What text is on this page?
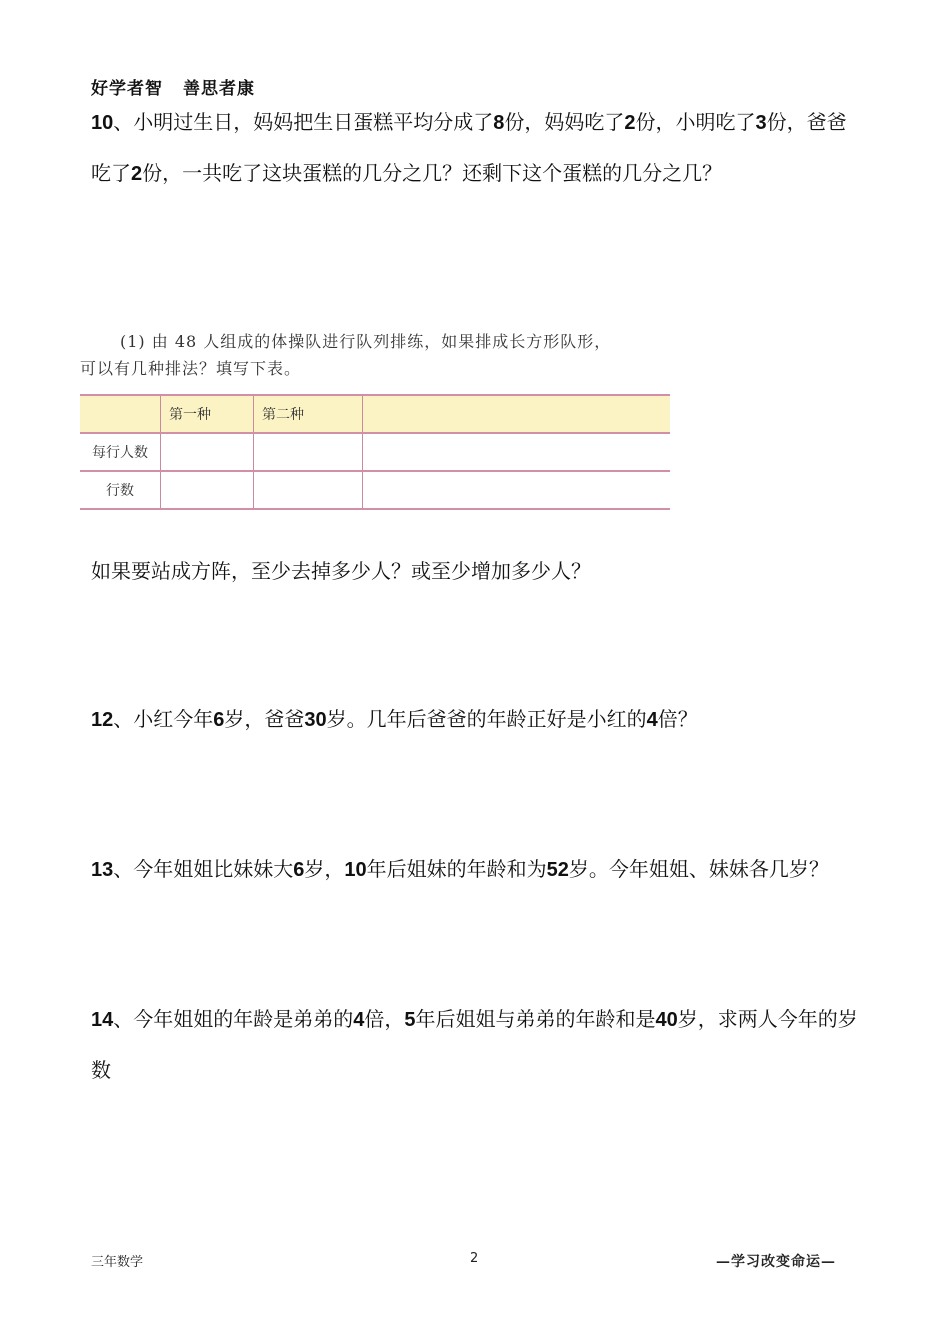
好学者智 善思者康
10、小明过生日，妈妈把生日蛋糕平均分成了8份，妈妈吃了2份，小明吃了3份，爸爸吃了2份，一共吃了这块蛋糕的几分之几？还剩下这个蛋糕的几分之几？
(1) 由 48 人组成的体操队进行队列排练，如果排成长方形队形，
可以有几种排法？填写下表。
	第一种	第二种	
每行人数			
行数			
如果要站成方阵，至少去掉多少人？或至少增加多少人？
12、小红今年6岁，爸爸30岁。几年后爸爸的年龄正好是小红的4倍？
13、今年姐姐比妹妹大6岁，10年后姐妹的年龄和为52岁。今年姐姐、妹妹各几岁？
14、今年姐姐的年龄是弟弟的4倍，5年后姐姐与弟弟的年龄和是40岁，求两人今年的岁数
三年数学	2	—学习改变命运—
